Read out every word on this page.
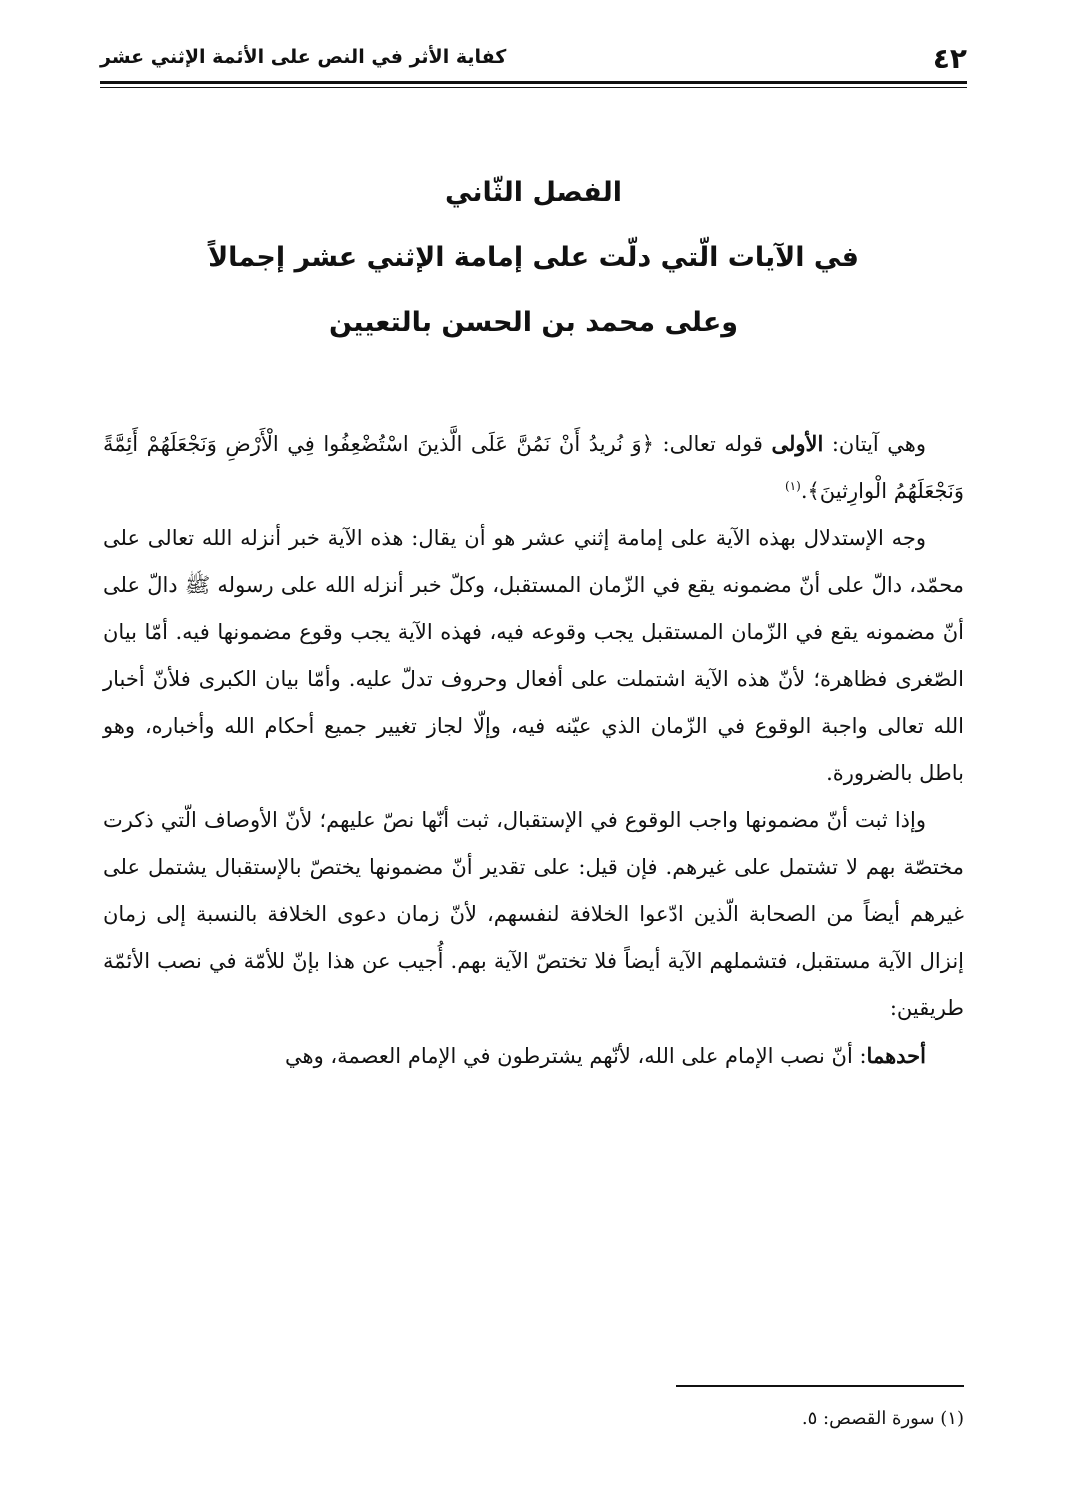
كفاية الأثر في النص على الأئمة الإثني عشر	٤٢
الفصل الثّاني
في الآيات الّتي دلّت على إمامة الإثني عشر إجمالاً
وعلى محمد بن الحسن بالتعيين

وهي آيتان: الأولى قوله تعالى: ﴿وَ نُريدُ أَنْ نَمُنَّ عَلَى الَّذينَ اسْتُضْعِفُوا فِي الْأَرْضِ وَنَجْعَلَهُمْ أَئِمَّةً وَنَجْعَلَهُمُ الْوارِثينَ﴾.$^{(١)}$

وجه الإستدلال بهذه الآية على إمامة إثني عشر هو أن يقال: هذه الآية خبر أنزله الله تعالى على محمّد، دالّ على أنّ مضمونه يقع في الزّمان المستقبل، وكلّ خبر أنزله الله على رسوله ﷺ دالّ على أنّ مضمونه يقع في الزّمان المستقبل يجب وقوعه فيه، فهذه الآية يجب وقوع مضمونها فيه. أمّا بيان الصّغرى فظاهرة؛ لأنّ هذه الآية اشتملت على أفعال وحروف تدلّ عليه. وأمّا بيان الكبرى فلأنّ أخبار الله تعالى واجبة الوقوع في الزّمان الذي عيّنه فيه، وإلّا لجاز تغيير جميع أحكام الله وأخباره، وهو باطل بالضرورة.

وإذا ثبت أنّ مضمونها واجب الوقوع في الإستقبال، ثبت أنّها نصّ عليهم؛ لأنّ الأوصاف الّتي ذكرت مختصّة بهم لا تشتمل على غيرهم. فإن قيل: على تقدير أنّ مضمونها يختصّ بالإستقبال يشتمل على غيرهم أيضاً من الصحابة الّذين ادّعوا الخلافة لنفسهم، لأنّ زمان دعوى الخلافة بالنسبة إلى زمان إنزال الآية مستقبل، فتشملهم الآية أيضاً فلا تختصّ الآية بهم. أُجيب عن هذا بإنّ للأمّة في نصب الأئمّة طريقين:

أحدهما: أنّ نصب الإمام على الله، لأنّهم يشترطون في الإمام العصمة، وهي

(١) سورة القصص: ٥.
